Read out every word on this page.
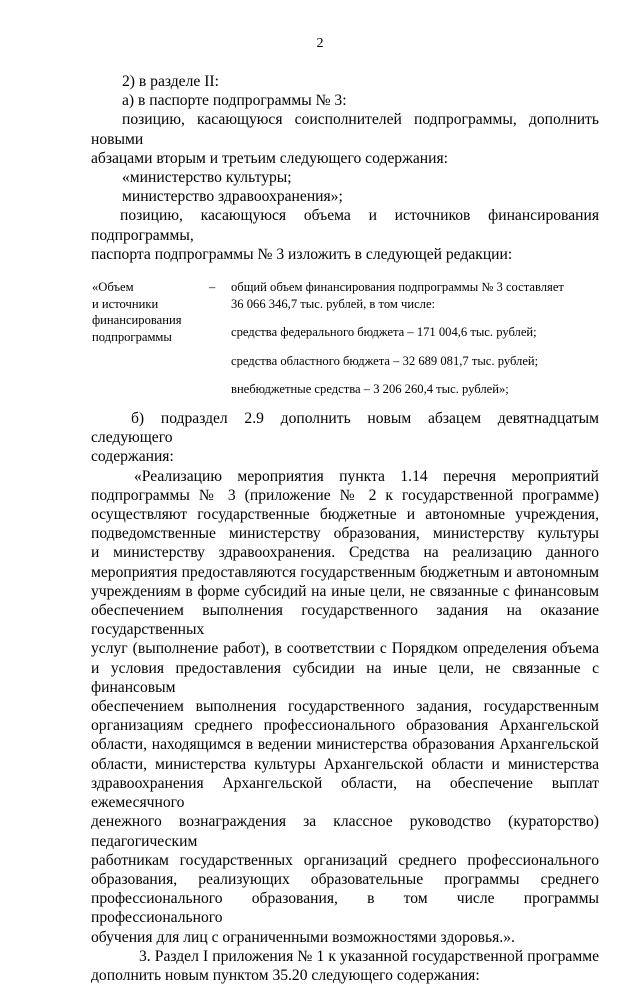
2

2) в разделе II:

а) в паспорте подпрограммы № 3:

позицию, касающуюся соисполнителей подпрограммы, дополнить новыми

абзацами вторым и третьим следующего содержания:

«министерство культуры;

министерство здравоохранения»;

позицию, касающуюся объема и источников финансирования подпрограммы,

паспорта подпрограммы № 3 изложить в следующей редакции:

«Объем
и источники
финансирования
подпрограммы
– общий объем финансирования подпрограммы № 3 составляет

36 066 346,7 тыс. рублей, в том числе:

средства федерального бюджета – 171 004,6 тыс. рублей;

средства областного бюджета – 32 689 081,7 тыс. рублей;

внебюджетные средства – 3 206 260,4 тыс. рублей»;

б) подраздел 2.9 дополнить новым абзацем девятнадцатым следующего

содержания:

«Реализацию мероприятия пункта 1.14 перечня мероприятий

подпрограммы № 3 (приложение № 2 к государственной программе)

осуществляют государственные бюджетные и автономные учреждения,

подведомственные министерству образования, министерству культуры

и министерству здравоохранения. Средства на реализацию данного

мероприятия предоставляются государственным бюджетным и автономным

учреждениям в форме субсидий на иные цели, не связанные с финансовым

обеспечением выполнения государственного задания на оказание государственных

услуг (выполнение работ), в соответствии с Порядком определения объема

и условия предоставления субсидии на иные цели, не связанные с финансовым

обеспечением выполнения государственного задания, государственным

организациям среднего профессионального образования Архангельской

области, находящимся в ведении министерства образования Архангельской

области, министерства культуры Архангельской области и министерства

здравоохранения Архангельской области, на обеспечение выплат ежемесячного

денежного вознаграждения за классное руководство (кураторство) педагогическим

работникам государственных организаций среднего профессионального

образования, реализующих образовательные программы среднего

профессионального образования, в том числе программы профессионального

обучения для лиц с ограниченными возможностями здоровья.».

3. Раздел I приложения № 1 к указанной государственной программе

дополнить новым пунктом 35.20 следующего содержания:
